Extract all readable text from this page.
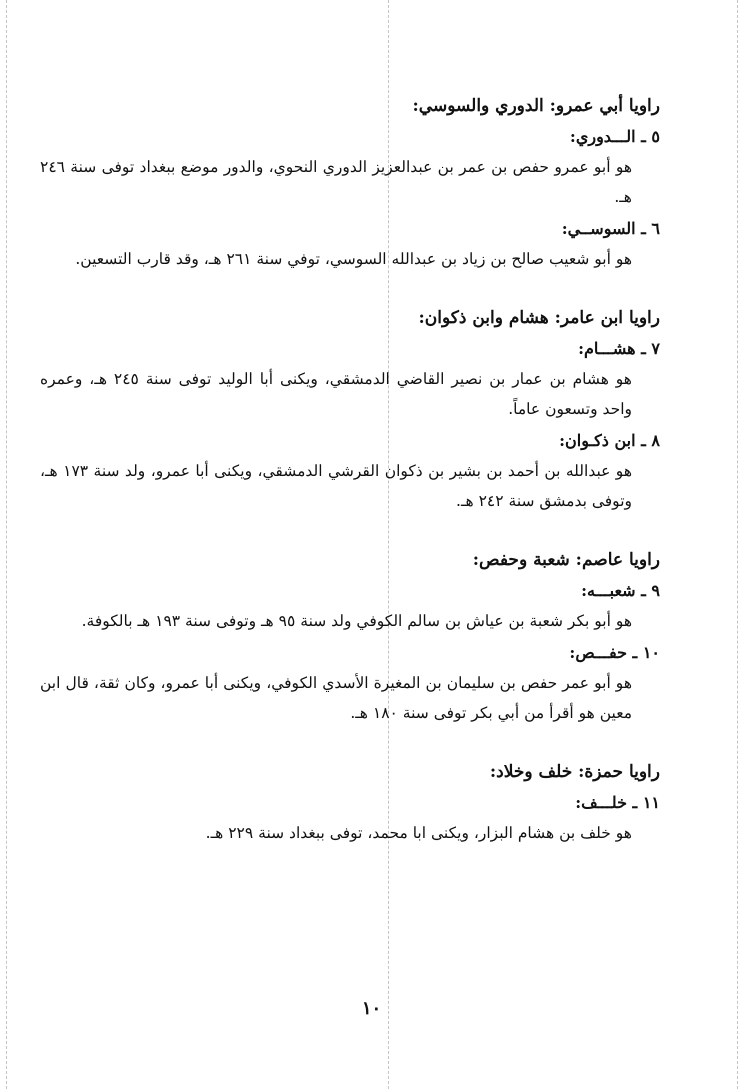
راويا أبي عمرو: الدوري والسوسي:
٥ ـ الـــدوري:

هو أبو عمرو حفص بن عمر بن عبدالعزيز الدوري النحوي، والدور موضع ببغداد توفى سنة ٢٤٦ هـ.

٦ ـ السوســي:

هو أبو شعيب صالح بن زياد بن عبدالله السوسي، توفي سنة ٢٦١ هـ، وقد قارب التسعين.

راويا ابن عامر: هشام وابن ذكوان:
٧ ـ هشـــام:

هو هشام بن عمار بن نصير القاضي الدمشقي، ويكنى أبا الوليد توفى سنة ٢٤٥ هـ، وعمره واحد وتسعون عاماً.

٨ ـ ابن ذكـوان:

هو عبدالله بن أحمد بن بشير بن ذكوان القرشي الدمشقي، ويكنى أبا عمرو، ولد سنة ١٧٣ هـ، وتوفى بدمشق سنة ٢٤٢ هـ.

راويا عاصم: شعبة وحفص:
٩ ـ شعبـــه:

هو أبو بكر شعبة بن عياش بن سالم الكوفي ولد سنة ٩٥ هـ وتوفى سنة ١٩٣ هـ بالكوفة.

١٠ ـ حفـــص:

هو أبو عمر حفص بن سليمان بن المغيرة الأسدي الكوفي، ويكنى أبا عمرو، وكان ثقة، قال ابن معين هو أقرأ من أبي بكر توفى سنة ١٨٠ هـ.

راويا حمزة: خلف وخلاد:
١١ ـ خلـــف:

هو خلف بن هشام البزار، ويكنى ابا محمد، توفى ببغداد سنة ٢٢٩ هـ.

١٠
